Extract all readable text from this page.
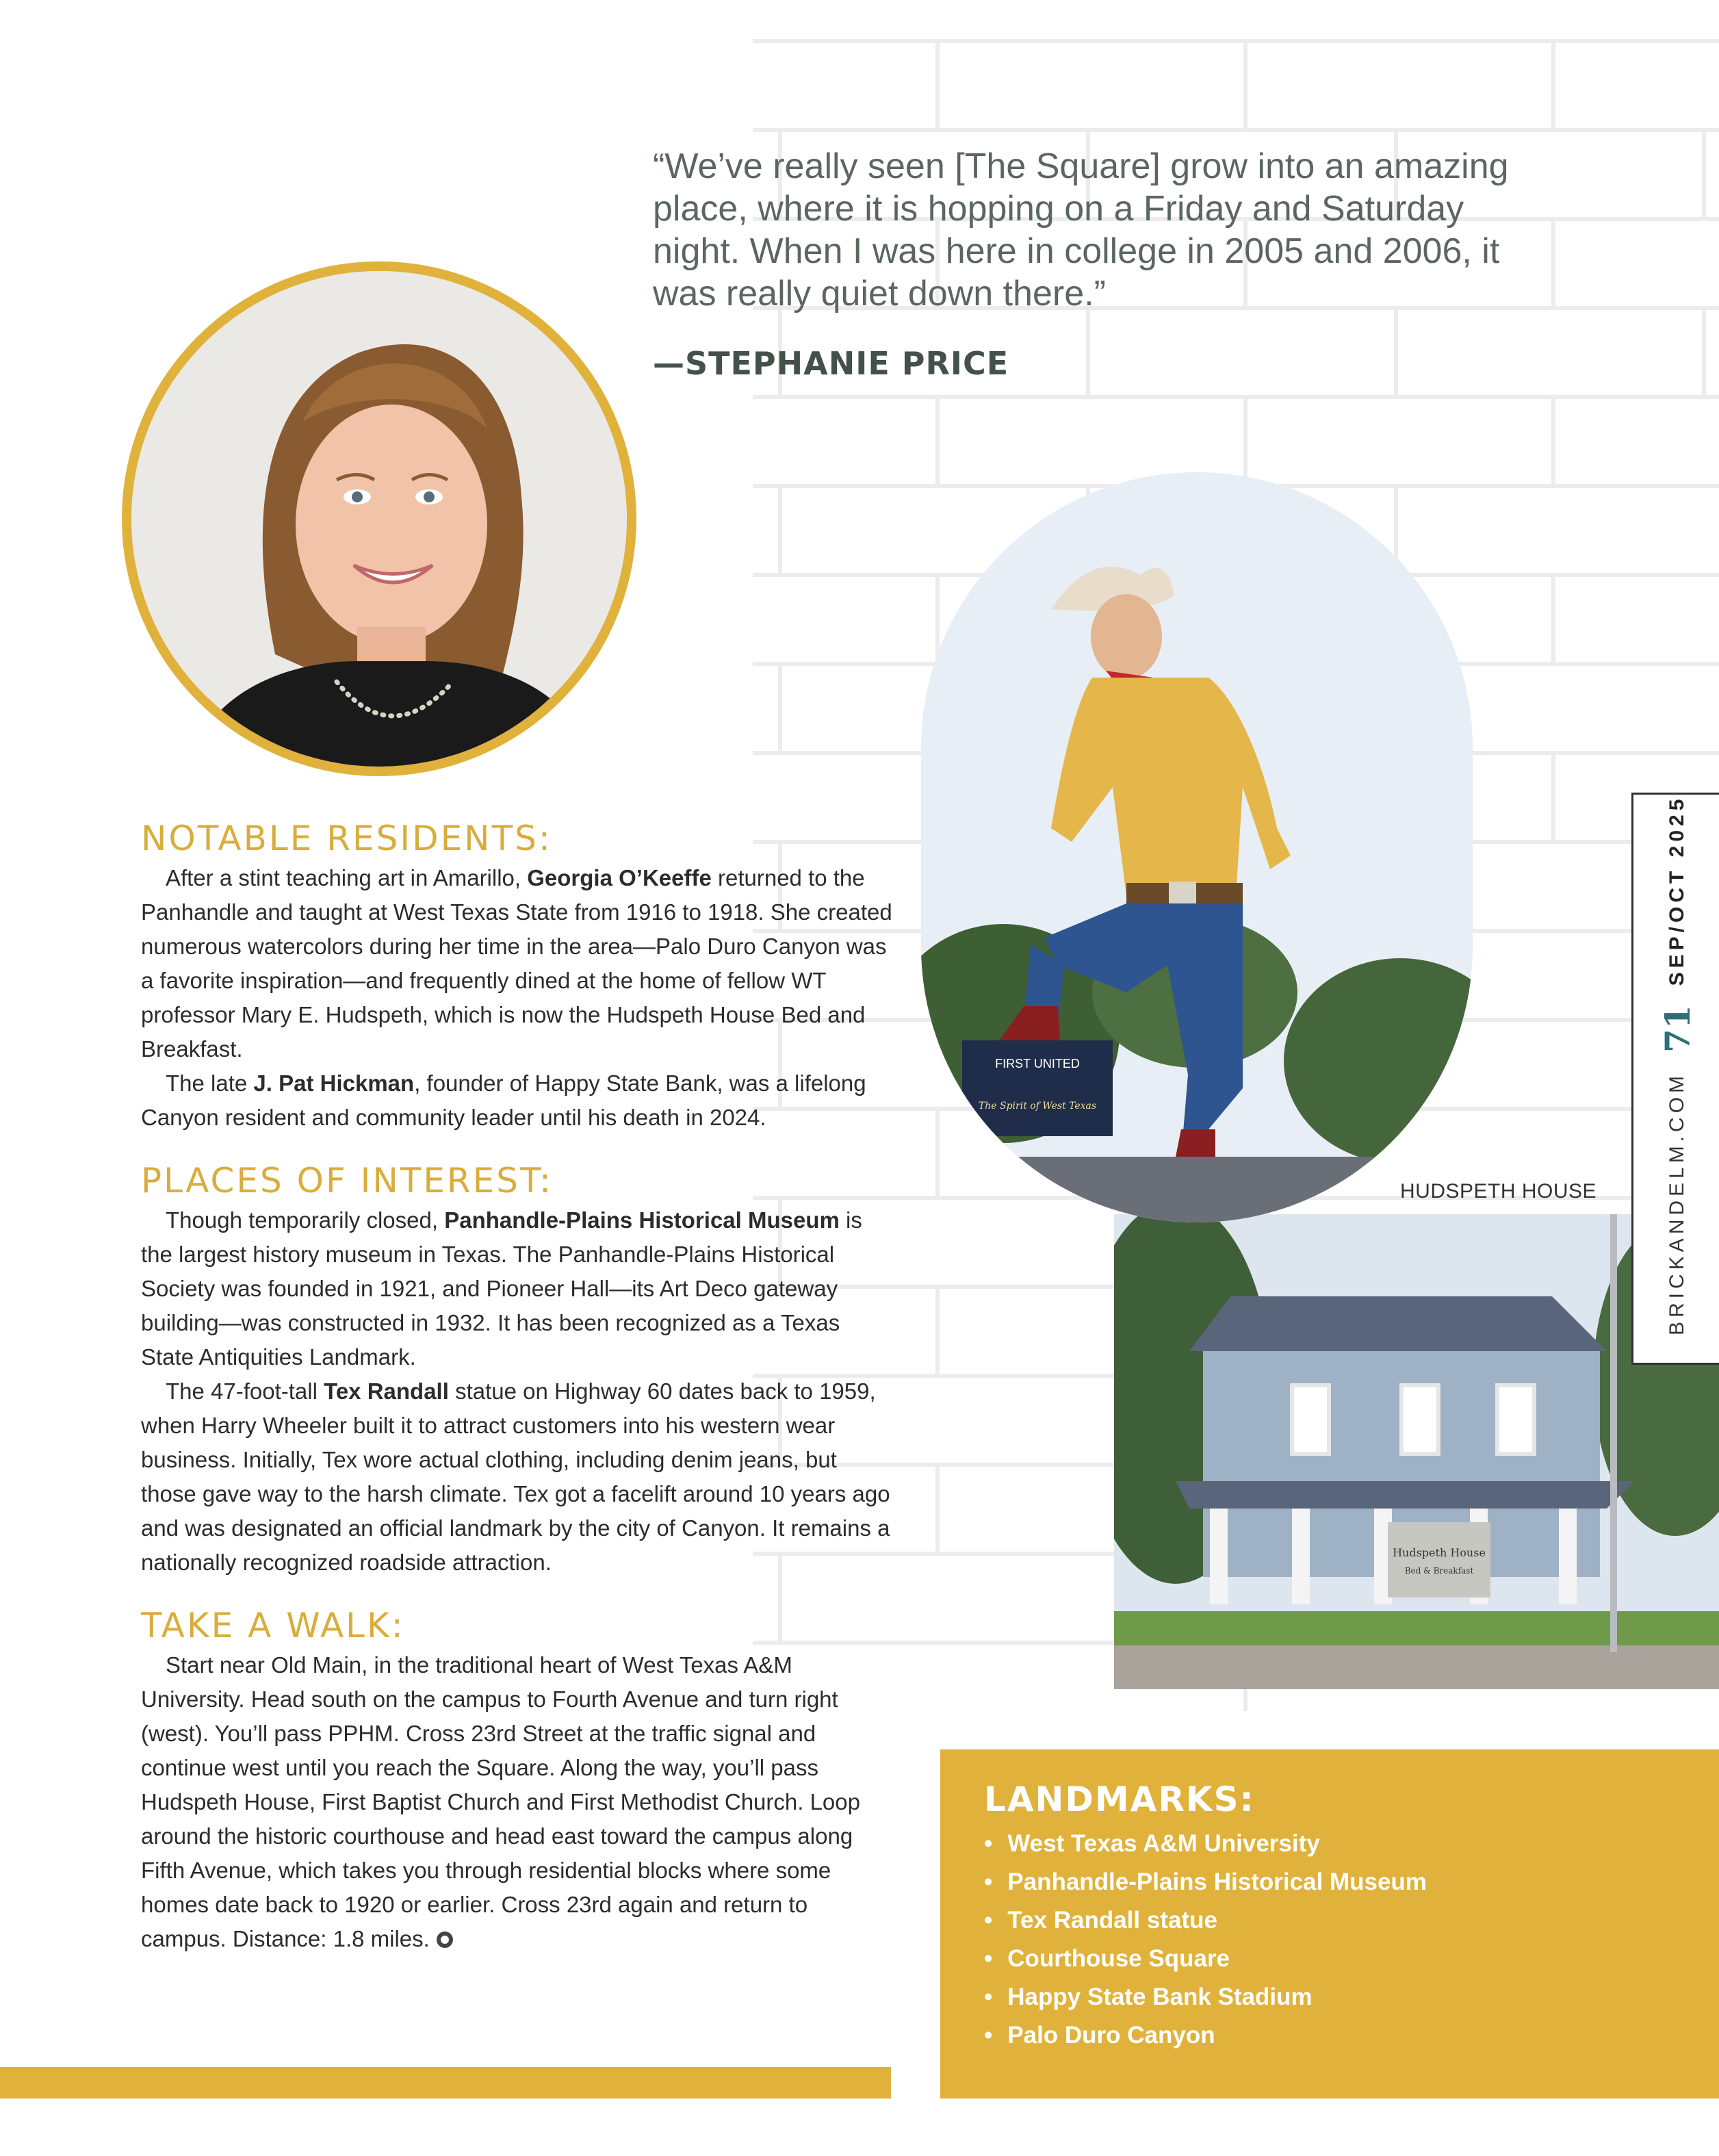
“We’ve really seen [The Square] grow into an amazing place, where it is hopping on a Friday and Saturday night. When I was here in college in 2005 and 2006, it was really quiet down there.”
—STEPHANIE PRICE
FIRST UNITED
The Spirit of West Texas
Hudspeth House
Bed & Breakfast
HUDSPETH HOUSE	BRICKANDELM.COM
71
SEP/OCT 2025
NOTABLE RESIDENTS:

After a stint teaching art in Amarillo, Georgia O’Keeffe returned to the Panhandle and taught at West Texas State from 1916 to 1918. She created numerous watercolors during her time in the area—Palo Duro Canyon was a favorite inspiration—and frequently dined at the home of fellow WT professor Mary E. Hudspeth, which is now the Hudspeth House Bed and Breakfast.

The late J. Pat Hickman, founder of Happy State Bank, was a lifelong Canyon resident and community leader until his death in 2024.

PLACES OF INTEREST:

Though temporarily closed, Panhandle-Plains Historical Museum is the largest history museum in Texas. The Panhandle-Plains Historical Society was founded in 1921, and Pioneer Hall—its Art Deco gateway building—was constructed in 1932. It has been recognized as a Texas State Antiquities Landmark.

The 47-foot-tall Tex Randall statue on Highway 60 dates back to 1959, when Harry Wheeler built it to attract customers into his western wear business. Initially, Tex wore actual clothing, including denim jeans, but those gave way to the harsh climate. Tex got a facelift around 10 years ago and was designated an official landmark by the city of Canyon. It remains a nationally recognized roadside attraction.

TAKE A WALK:

Start near Old Main, in the traditional heart of West Texas A&M University. Head south on the campus to Fourth Avenue and turn right (west). You’ll pass PPHM. Cross 23rd Street at the traffic signal and continue west until you reach the Square. Along the way, you’ll pass Hudspeth House, First Baptist Church and First Methodist Church. Loop around the historic courthouse and head east toward the campus along Fifth Avenue, which takes you through residential blocks where some homes date back to 1920 or earlier. Cross 23rd again and return to campus. Distance: 1.8 miles.

LANDMARKS:
• West Texas A&M University
• Panhandle-Plains Historical Museum
• Tex Randall statue
• Courthouse Square
• Happy State Bank Stadium
• Palo Duro Canyon
